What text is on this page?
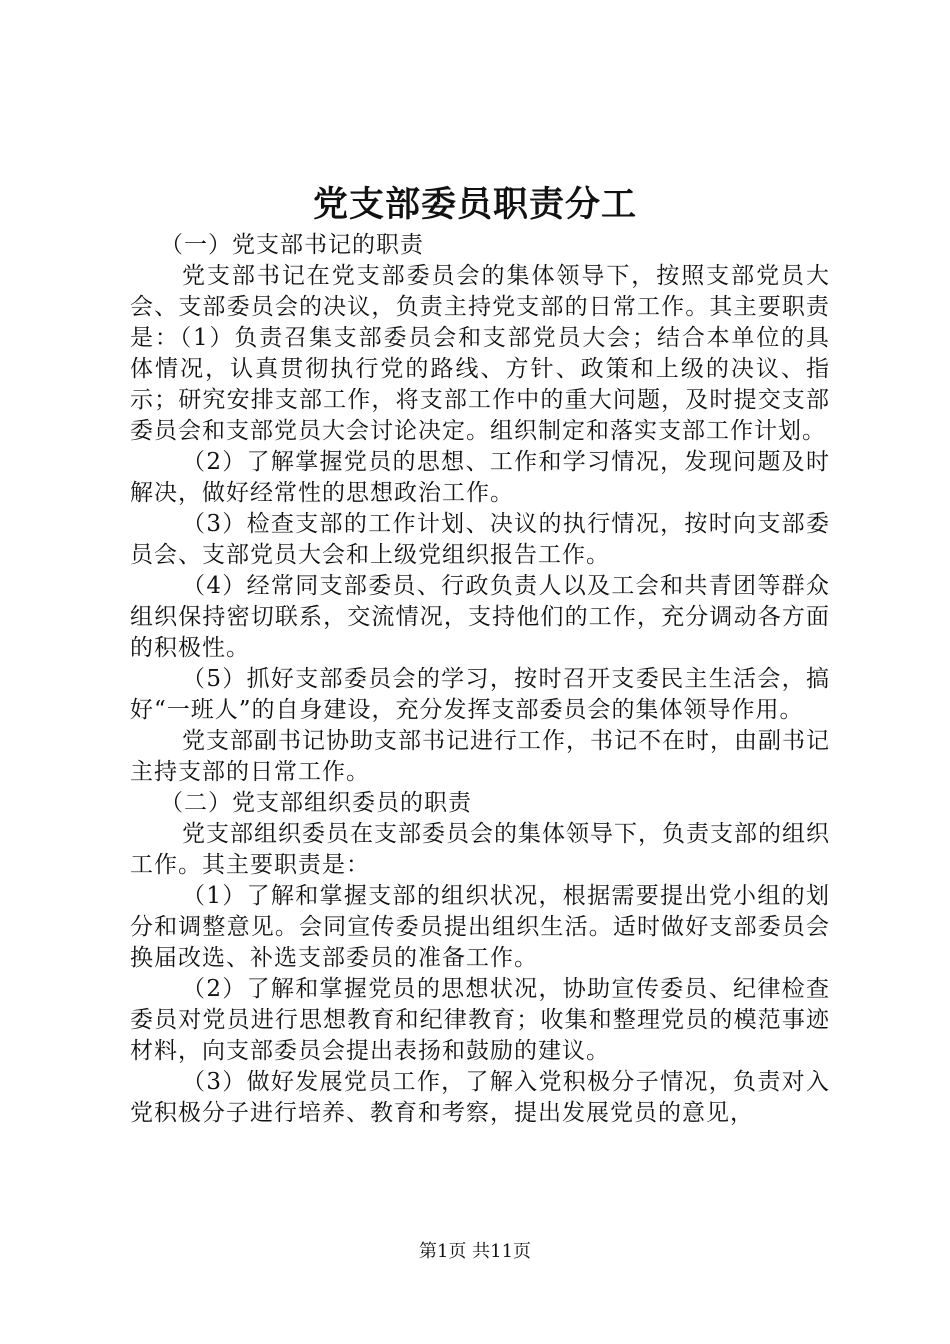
党支部委员职责分工

（一）党支部书记的职责

党支部书记在党支部委员会的集体领导下，按照支部党员大会、支部委员会的决议，负责主持党支部的日常工作。其主要职责是：（1）负责召集支部委员会和支部党员大会；结合本单位的具体情况，认真贯彻执行党的路线、方针、政策和上级的决议、指示；研究安排支部工作，将支部工作中的重大问题，及时提交支部委员会和支部党员大会讨论决定。组织制定和落实支部工作计划。

（2）了解掌握党员的思想、工作和学习情况，发现问题及时解决，做好经常性的思想政治工作。

（3）检查支部的工作计划、决议的执行情况，按时向支部委员会、支部党员大会和上级党组织报告工作。

（4）经常同支部委员、行政负责人以及工会和共青团等群众组织保持密切联系，交流情况，支持他们的工作，充分调动各方面的积极性。

（5）抓好支部委员会的学习，按时召开支委民主生活会，搞好“一班人”的自身建设，充分发挥支部委员会的集体领导作用。

党支部副书记协助支部书记进行工作，书记不在时，由副书记主持支部的日常工作。

（二）党支部组织委员的职责

党支部组织委员在支部委员会的集体领导下，负责支部的组织工作。其主要职责是：

（1）了解和掌握支部的组织状况，根据需要提出党小组的划分和调整意见。会同宣传委员提出组织生活。适时做好支部委员会换届改选、补选支部委员的准备工作。

（2）了解和掌握党员的思想状况，协助宣传委员、纪律检查委员对党员进行思想教育和纪律教育；收集和整理党员的模范事迹材料，向支部委员会提出表扬和鼓励的建议。

（3）做好发展党员工作，了解入党积极分子情况，负责对入党积极分子进行培养、教育和考察，提出发展党员的意见，

第1页 共11页
